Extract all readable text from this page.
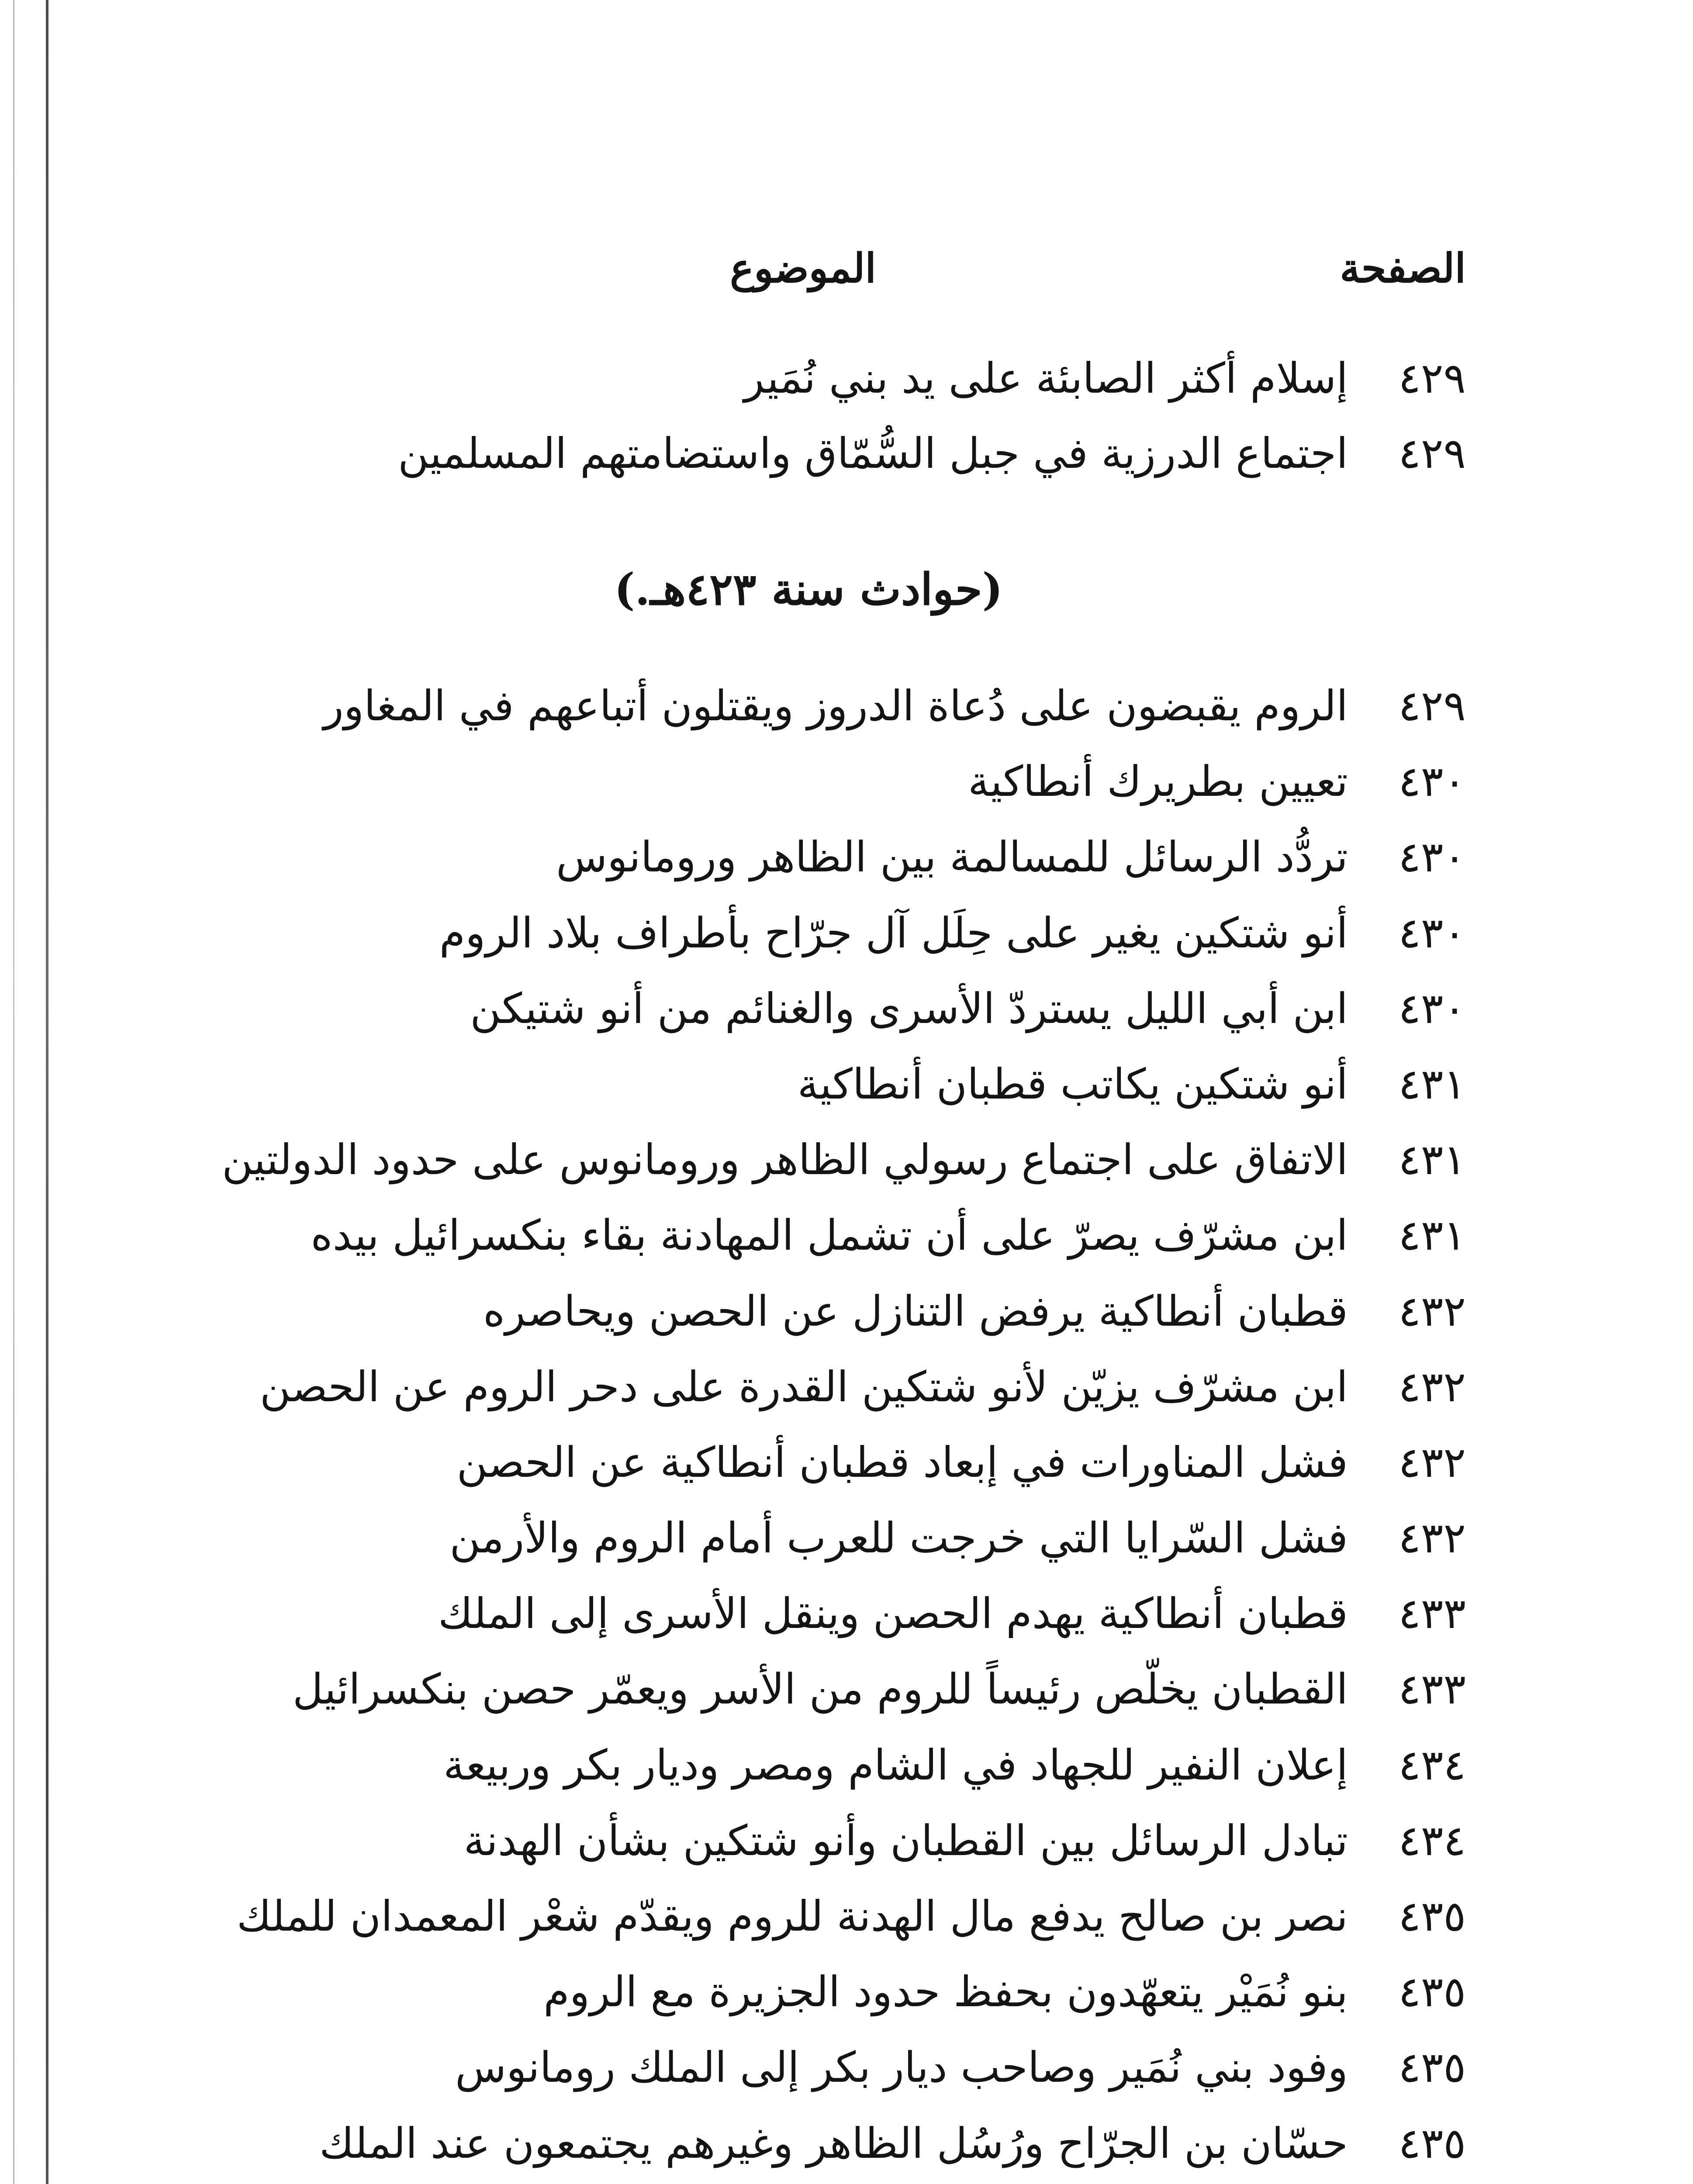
الصفحة
الموضوع
٤٢٩
إسلام أكثر الصابئة على يد بني نُمَير
٤٢٩
اجتماع الدرزية في جبل السُّمّاق واستضامتهم المسلمين
(حوادث سنة ٤٢٣هـ.)
٤٢٩
الروم يقبضون على دُعاة الدروز ويقتلون أتباعهم في المغاور
٤٣٠
تعيين بطريرك أنطاكية
٤٣٠
تردُّد الرسائل للمسالمة بين الظاهر ورومانوس
٤٣٠
أنو شتكين يغير على حِلَل آل جرّاح بأطراف بلاد الروم
٤٣٠
ابن أبي الليل يستردّ الأسرى والغنائم من أنو شتيكن
٤٣١
أنو شتكين يكاتب قطبان أنطاكية
٤٣١
الاتفاق على اجتماع رسولي الظاهر ورومانوس على حدود الدولتين
٤٣١
ابن مشرّف يصرّ على أن تشمل المهادنة بقاء بنكسرائيل بيده
٤٣٢
قطبان أنطاكية يرفض التنازل عن الحصن ويحاصره
٤٣٢
ابن مشرّف يزيّن لأنو شتكين القدرة على دحر الروم عن الحصن
٤٣٢
فشل المناورات في إبعاد قطبان أنطاكية عن الحصن
٤٣٢
فشل السّرايا التي خرجت للعرب أمام الروم والأرمن
٤٣٣
قطبان أنطاكية يهدم الحصن وينقل الأسرى إلى الملك
٤٣٣
القطبان يخلّص رئيساً للروم من الأسر ويعمّر حصن بنكسرائيل
٤٣٤
إعلان النفير للجهاد في الشام ومصر وديار بكر وربيعة
٤٣٤
تبادل الرسائل بين القطبان وأنو شتكين بشأن الهدنة
٤٣٥
نصر بن صالح يدفع مال الهدنة للروم ويقدّم شعْر المعمدان للملك
٤٣٥
بنو نُمَيْر يتعهّدون بحفظ حدود الجزيرة مع الروم
٤٣٥
وفود بني نُمَير وصاحب ديار بكر إلى الملك رومانوس
٤٣٥
حسّان بن الجرّاح ورُسُل الظاهر وغيرهم يجتمعون عند الملك
